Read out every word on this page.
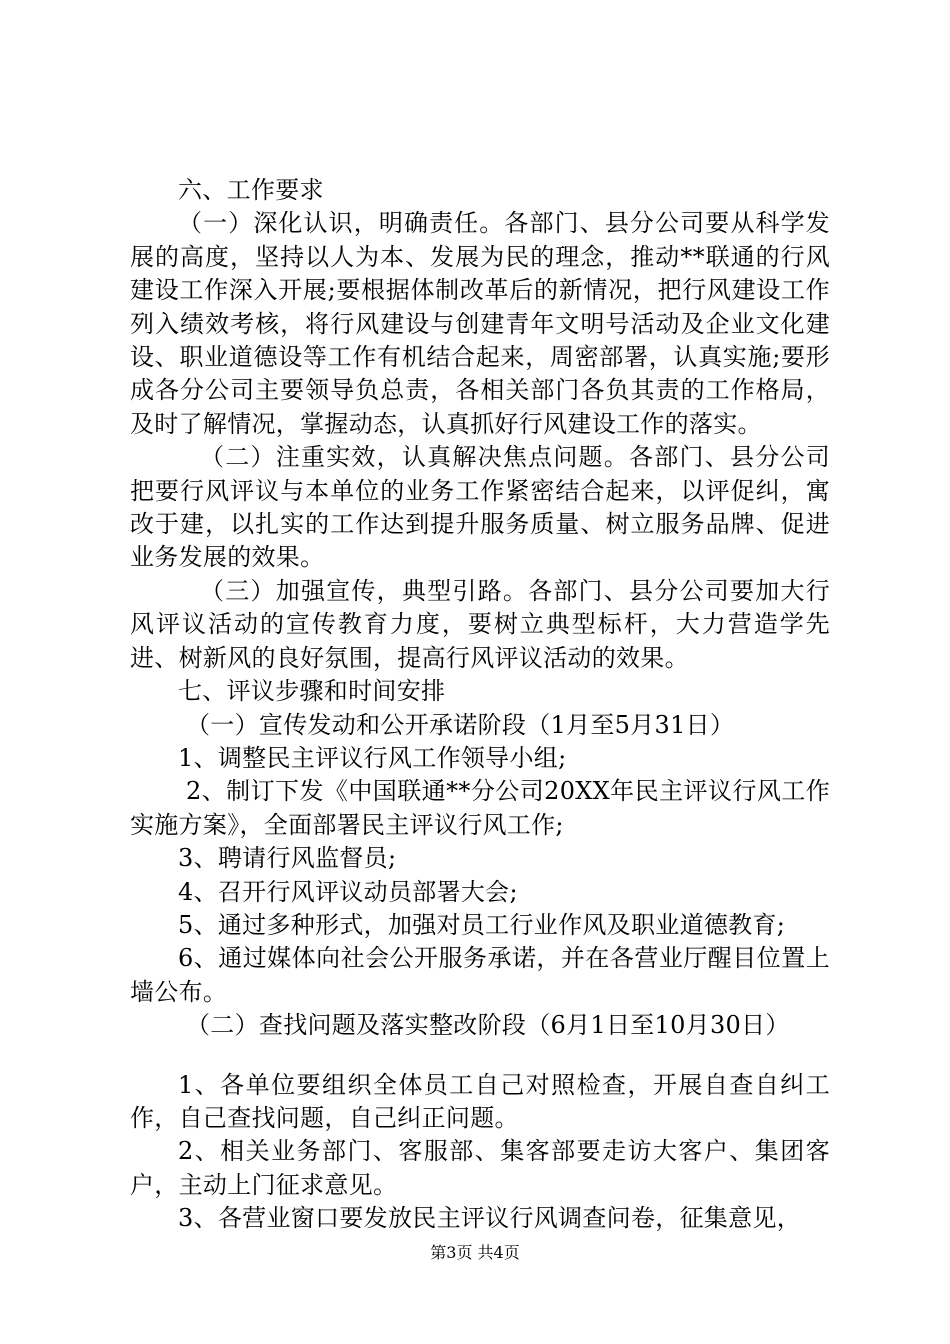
六、工作要求

（一）深化认识，明确责任。各部门、县分公司要从科学发展的高度，坚持以人为本、发展为民的理念，推动**联通的行风建设工作深入开展;要根据体制改革后的新情况，把行风建设工作列入绩效考核，将行风建设与创建青年文明号活动及企业文化建设、职业道德设等工作有机结合起来，周密部署，认真实施;要形成各分公司主要领导负总责，各相关部门各负其责的工作格局，及时了解情况，掌握动态，认真抓好行风建设工作的落实。

（二）注重实效，认真解决焦点问题。各部门、县分公司把要行风评议与本单位的业务工作紧密结合起来，以评促纠，寓改于建，以扎实的工作达到提升服务质量、树立服务品牌、促进业务发展的效果。

（三）加强宣传，典型引路。各部门、县分公司要加大行风评议活动的宣传教育力度，要树立典型标杆，大力营造学先进、树新风的良好氛围，提高行风评议活动的效果。

七、评议步骤和时间安排

（一）宣传发动和公开承诺阶段（1月至5月31日）

1、调整民主评议行风工作领导小组;

2、制订下发《中国联通**分公司20XX年民主评议行风工作实施方案》，全面部署民主评议行风工作;

3、聘请行风监督员;

4、召开行风评议动员部署大会;

5、通过多种形式，加强对员工行业作风及职业道德教育;

6、通过媒体向社会公开服务承诺，并在各营业厅醒目位置上墙公布。

（二）查找问题及落实整改阶段（6月1日至10月30日）

1、各单位要组织全体员工自己对照检查，开展自查自纠工作，自己查找问题，自己纠正问题。

2、相关业务部门、客服部、集客部要走访大客户、集团客户，主动上门征求意见。

3、各营业窗口要发放民主评议行风调查问卷，征集意见，

第3页 共4页
